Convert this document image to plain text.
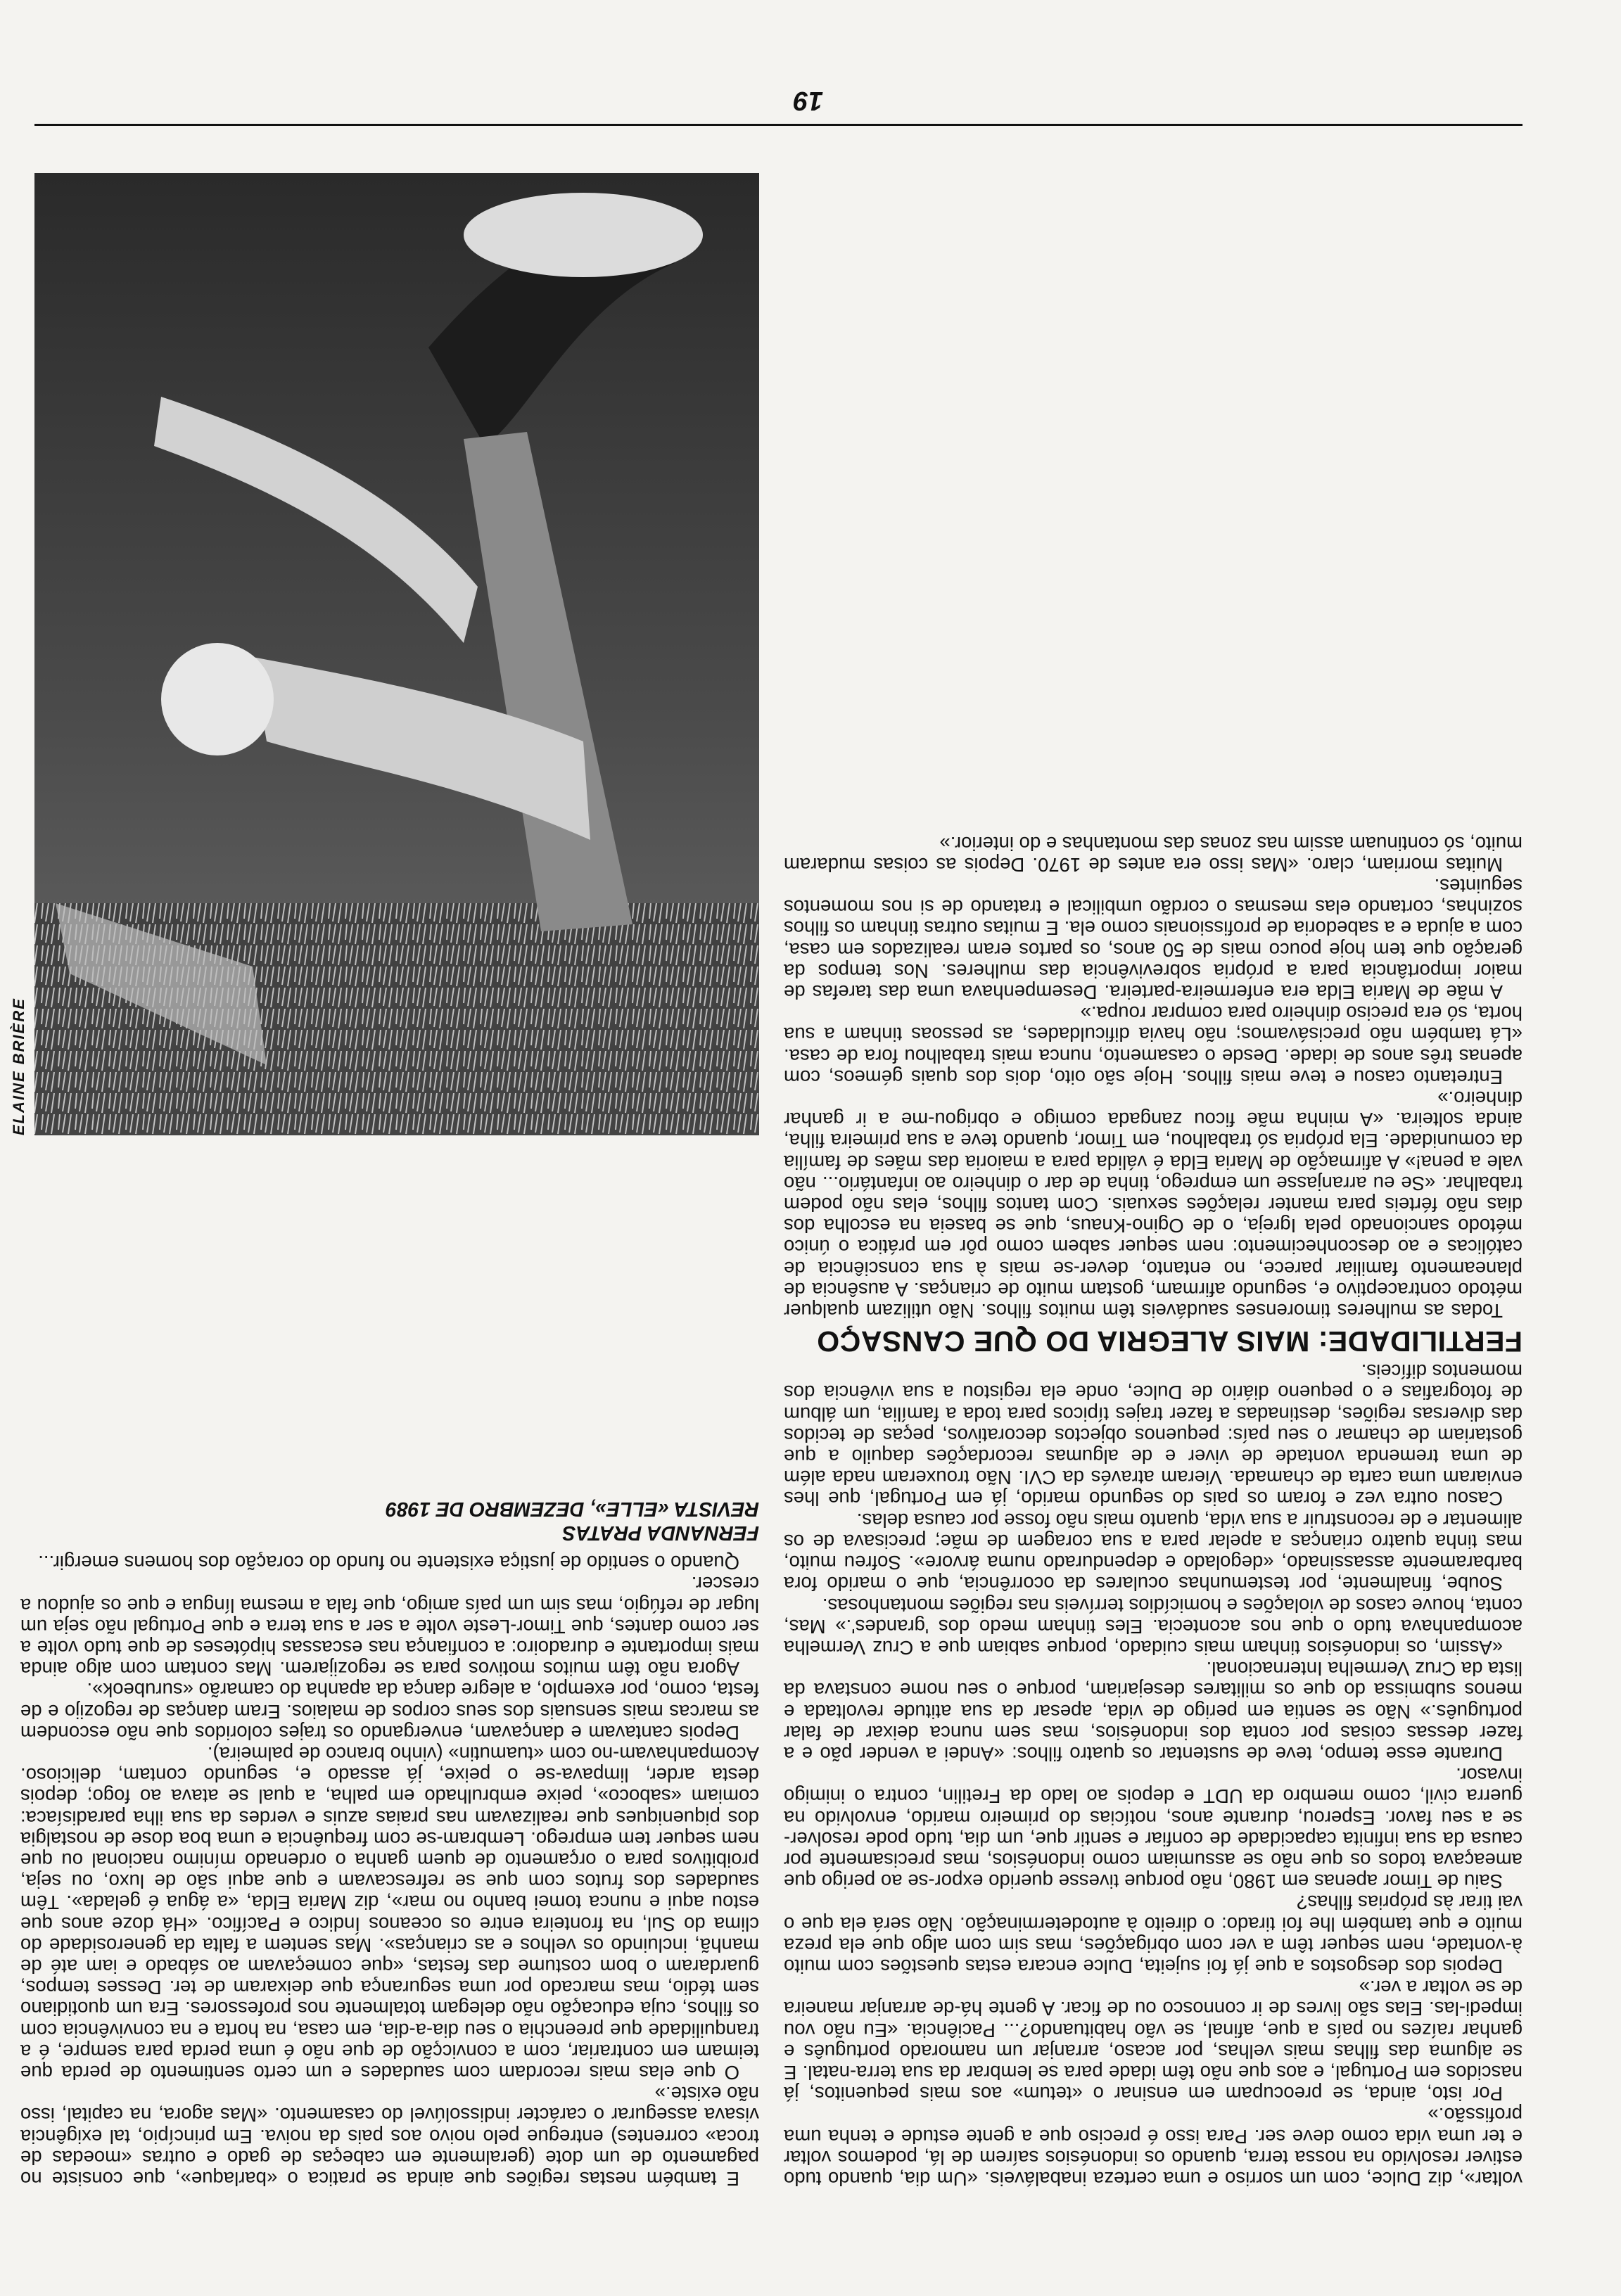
voltar», diz Dulce, com um sorriso e uma certeza inabaláveis. «Um dia, quando tudo estiver resolvido na nossa terra, quando os indonésios saírem de lá, podemos voltar e ter uma vida como deve ser. Para isso é preciso que a gente estude e tenha uma profissão.»

Por isto, ainda, se preocupam em ensinar o «tetum» aos mais pequenitos, já nascidos em Portugal, e aos que não têm idade para se lembrar da sua terra-natal. E se alguma das filhas mais velhas, por acaso, arranjar um namorado português e ganhar raízes no país a que, afinal, se vão habituando?... Paciência. «Eu não vou impedi-las. Elas são livres de ir connosco ou de ficar. A gente há-de arranjar maneira de se voltar a ver.»

Depois dos desgostos a que já foi sujeita, Dulce encara estas questões com muito à-vontade, nem sequer têm a ver com obrigações, mas sim com algo que ela preza muito e que também lhe foi tirado: o direito à autodeterminação. Não será ela que o vai tirar às próprias filhas?

Saiu de Timor apenas em 1980, não porque tivesse querido expor-se ao perigo que ameaçava todos os que não se assumiam como indonésios, mas precisamente por causa da sua infinita capacidade de confiar e sentir que, um dia, tudo pode resolver-se a seu favor. Esperou, durante anos, notícias do primeiro marido, envolvido na guerra civil, como membro da UDT e depois ao lado da Fretilin, contra o inimigo invasor.

Durante esse tempo, teve de sustentar os quatro filhos: «Andei a vender pão e a fazer dessas coisas por conta dos indonésios, mas sem nunca deixar de falar português.» Não se sentia em perigo de vida, apesar da sua atitude revoltada e menos submissa do que os militares desejariam, porque o seu nome constava da lista da Cruz Vermelha Internacional.

«Assim, os indonésios tinham mais cuidado, porque sabiam que a Cruz Vermelha acompanhava tudo o que nos acontecia. Eles tinham medo dos 'grandes'.» Mas, conta, houve casos de violações e homicídios terríveis nas regiões montanhosas.

Soube, finalmente, por testemunhas oculares da ocorrência, que o marido fora barbaramente assassinado, «degolado e dependurado numa árvore». Sofreu muito, mas tinha quatro crianças a apelar para a sua coragem de mãe; precisava de os alimentar e de reconstruir a sua vida, quanto mais não fosse por causa delas.

Casou outra vez e foram os pais do segundo marido, já em Portugal, que lhes enviaram uma carta de chamada. Vieram através da CVI. Não trouxeram nada além de uma tremenda vontade de viver e de algumas recordações daquilo a que gostariam de chamar o seu país: pequenos objectos decorativos, peças de tecidos das diversas regiões, destinadas a fazer trajes típicos para toda a família, um álbum de fotografias e o pequeno diário de Dulce, onde ela registou a sua vivência dos momentos difíceis.

FERTILIDADE: MAIS ALEGRIA DO QUE CANSAÇO

Todas as mulheres timorenses saudáveis têm muitos filhos. Não utilizam qualquer método contraceptivo e, segundo afirmam, gostam muito de crianças. A ausência de planeamento familiar parece, no entanto, dever-se mais à sua consciência de católicas e ao desconhecimento: nem sequer sabem como pôr em prática o único método sancionado pela Igreja, o de Ogino-Knaus, que se baseia na escolha dos dias não férteis para manter relações sexuais. Com tantos filhos, elas não podem trabalhar. «Se eu arranjasse um emprego, tinha de dar o dinheiro ao infantário... não vale a pena!» A afirmação de Maria Elda é válida para a maioria das mães de família da comunidade. Ela própria só trabalhou, em Timor, quando teve a sua primeira filha, ainda solteira. «A minha mãe ficou zangada comigo e obrigou-me a ir ganhar dinheiro.»

Entretanto casou e teve mais filhos. Hoje são oito, dois dos quais gémeos, com apenas três anos de idade. Desde o casamento, nunca mais trabalhou fora de casa. «Lá também não precisávamos; não havia dificuldades, as pessoas tinham a sua horta, só era preciso dinheiro para comprar roupa.»

A mãe de Maria Elda era enfermeira-parteira. Desempenhava uma das tarefas de maior importância para a própria sobrevivência das mulheres. Nos tempos da geração que tem hoje pouco mais de 50 anos, os partos eram realizados em casa, com a ajuda e a sabedoria de profissionais como ela. E muitas outras tinham os filhos sozinhas, cortando elas mesmas o cordão umbilical e tratando de si nos momentos seguintes.

Muitas morriam, claro. «Mas isso era antes de 1970. Depois as coisas mudaram muito, só continuam assim nas zonas das montanhas e do interior.»

E também nestas regiões que ainda se pratica o «barlaque», que consiste no pagamento de um dote (geralmente em cabeças de gado e outras «moedas de troca» correntes) entregue pelo noivo aos pais da noiva. Em princípio, tal exigência visava assegurar o carácter indissolúvel do casamento. «Mas agora, na capital, isso não existe.»

O que elas mais recordam com saudades e um certo sentimento de perda que teimam em contrariar, com a convicção de que não é uma perda para sempre, é a tranquilidade que preenchia o seu dia-a-dia, em casa, na horta e na convivência com os filhos, cuja educação não delegam totalmente nos professores. Era um quotidiano sem tédio, mas marcado por uma segurança que deixaram de ter. Desses tempos, guardaram o bom costume das festas, «que começavam ao sábado e iam até de manhã, incluindo os velhos e as crianças». Mas sentem a falta da generosidade do clima do Sul, na fronteira entre os oceanos Índico e Pacífico. «Há doze anos que estou aqui e nunca tomei banho no mar», diz Maria Elda, «a água é gelada». Têm saudades dos frutos com que se refrescavam e que aqui são de luxo, ou seja, proibitivos para o orçamento de quem ganha o ordenado mínimo nacional ou que nem sequer tem emprego. Lembram-se com frequência e uma boa dose de nostalgia dos piqueniques que realizavam nas praias azuis e verdes da sua ilha paradisíaca: comiam «saboco», peixe embrulhado em palha, a qual se atava ao fogo; depois desta arder, limpava-se o peixe, já assado e, segundo contam, delicioso. Acompanhavam-no com «tuamutin» (vinho branco de palmeira).

Depois cantavam e dançavam, envergando os trajes coloridos que não escondem as marcas mais sensuais dos seus corpos de malaios. Eram danças de regozijo e de festa, como, por exemplo, a alegre dança da apanha do camarão «surubeok».

Agora não têm muitos motivos para se regozijarem. Mas contam com algo ainda mais importante e duradoiro: a confiança nas escassas hipóteses de que tudo volte a ser como dantes, que Timor-Leste volte a ser a sua terra e que Portugal não seja um lugar de refúgio, mas sim um país amigo, que fala a mesma língua e que os ajudou a crescer.

Quando o sentido de justiça existente no fundo do coração dos homens emergir...

FERNANDA PRATAS
REVISTA «ELLE», DEZEMBRO DE 1989
ELAINE BRIÈRE
19
